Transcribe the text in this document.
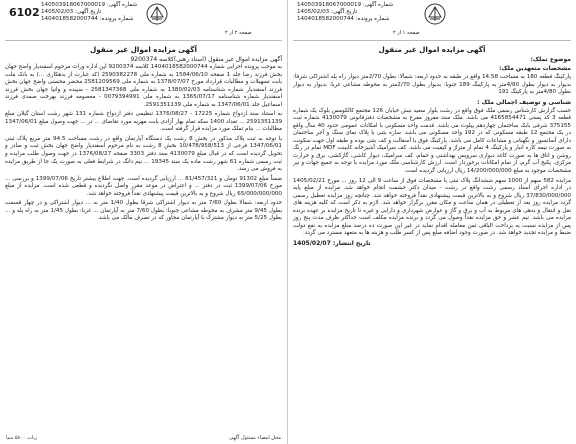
6102
شماره آگهی: 140503918067000019
تاریخ آگهی: 1405/02/03
شماره پرونده: 1404018582000744
صفحه ۲ از ۲
آگهی مزایده اموال غیر منقول

آگهی مزایده اموال غیر منقول (اسناد رهنی)کلاسه 9200374

به موجب پرونده اجرایی شماره 1404018582000744 کلاسه 9200374 این اداره وراث مرحوم اسفندیار واضح جهان بخش فرزند رضا جلد 1 صفحه 1584/06/10 به شماره ملی 2590382278 (کد عبارت از بدهکاری ...) به بانک ملت بابت تسهیلات و مطالبات قرارداد مورخ 1378/07/07 به شماره ملی 2581209569 محضر محسنی واضح جهان بخش فرزند اسفندیار شماره شناسنامه 1380/02/03 به شماره ملی 2581347368 - سپیده و وانیا جهان بخش فرزند اسفندیار شماره شناسنامه 1365/07/17 به شماره ملی 0079394991 - معصومه فرزند بهرخت صمدی فرزند اسماعیل جلد 1347/06/01 به شماره ملی 2591351139.

به استناد سند ازدواج شماره 17225 - 1376/08/27 تنظیمی دفتر ازدواج شماره 131 شهر رشت استان گیلان مبلغ 2591351139 ... تعداد 1400 سکه تمام بهار آزادی بابت مهریه مورد تقاضای ... در ... جهت وصول مبلغ 1347/06/01 مطالبات ... بنام تملک مورد مزایده قرار گرفته است.

با توجه به ثبت پلاک مذکور در بخش 8 رشت یک دستگاه آپارتمان واقع در رشت مساحت 94.5 متر مربع پلاک ثبتی 1347/06/01 فرعی از 10/478/958/513 بخش 8 رشت به نام مرحوم اسفندیار واضح جهان بخش ثبت و صادر و تحویل گردیده است که در قبال مبلغ 4130079 سند دفتر 3303 صفحه 1376/08/27 در جهت وصول طلب مزایده و ثبت رسمی شماره 61 شهر رشت ماده یک سند 19345 ... نیم دانگ در شرایط فعلی به صورت یک جا از طریق مزایده به فروش می رسد.

ضمناً مبلغ 91302 تومان و 81/457/321 ... ارزیابی گردیده است. جهت اطلاع بیشتر تاریخ 1399/07/06 و بررسی ... مورخ 1399/07/06 ثبت در دفتر ... و اعتراض در موعد مقرر واصل نگردیده و قطعی شده است. مزایده از مبلغ 65/000/000/000 ریال شروع و به بالاترین قیمت پیشنهادی نقداً فروخته خواهد شد.

حدود اربعه: شمالا بطول 7/60 متر به دیوار اشتراکی شرقا بطول 1/40 متر به ... دیوار اشتراکی و در چهار قسمت بطول 9/45 متر مشرف به محوطه مشاعی جنوبا: بطول 7/60 متر به آپارتمان ... غربا: بطول 1/45 متر به راه پله و ... بطول 5/25 متر به دیوار مشترک با آپارتمان مجاور که در تصرف مالک می باشد.

محل امضاء مسئول آگهی
ربات ۵۸۰۰ منیا
شماره آگهی: 140503918067000019
تاریخ آگهی: 1405/02/03
شماره پرونده: 1404018582000744
صفحه ۱ از ۲
آگهی مزایده اموال غیر منقول
موضوع تملک:
مشخصات متعهدین ملک:

پارکینگ قطعه 180 به مساحت 14.58 واقع در طبقه به حدود اربعه: شمالا: بطول 2/70متر دیوار راه پله اشتراکی شرقا: بدیوار به دیوار بطول 4/80متر به پارکینگ 189 جنوبا: بدیوار بطول 2/70متر به محوطه مشاعی غربا: بدیوار به دیوار بطول 4/80متر به پارکینگ 191

شناسی و توصیف اجمالی ملک :

حسب گزارش کارشناس رسمی ملک فوق واقع در رشت بلوار سعید نبش خیابان 126 مجتمع کالکومس بلوک یک شماره قطعه 3 کد پستی 4165854471 می باشد. ملک سند مفروز مفرغ به مشخصات دفترقانونی 4130079 شماره ثبت 375155 شرقی بابک ساختمان چهاردهم پیلوت می باشد. قدمت واحد مسکونی با امکانات عمومی حدود 40 سال واقع در یک مجتمع 12 طبقه مسکونی که در 192 واحد مسکونی می باشد. سازه بتنی با پلاک نمای سنگ و آجر ساختمان دارای آسانسور و نگهبانی و مشاعات کامل می باشد. پارکینگ فوق با آسفالت و کف بتنی بوده و طبقه اول جهت سکونت به صورت نیمه کاره انبار و پارکینگ 4 تمام از متراژ و کیفیت می باشد. کف سرامیک آشپزخانه کابینت MDF تمام در رنگ روشن و اتاق ها به صورت کاغذ دیواری سرویس بهداشتی و حمام، کف سرامیک، دیوار کاشی، گازکشی، برق و حرارت مرکزی، پکیج آب گرم، از تمام امکانات برخوردار است. ارزش کارشناسی ملک مورد مزایده با توجه به جمیع جهات و نیز مشخصات موجود به مبلغ 14/200/000/000 ریال ارزیابی گردیده است.

مزایده 582 سهم از 1000 سهم ششدانگ پلاک ثبتی با مشخصات فوق از ساعت 9 الی 12 روز ... مورخ 1405/02/21 در اداره اجرای اسناد رسمی رشت واقع در رشت - میدان دکتر حشمت انجام خواهد شد. مزایده از مبلغ پایه 37/830/000/000 ریال شروع و به بالاترین قیمت پیشنهادی نقداً فروخته خواهد شد. چنانچه روز مزایده تعطیل رسمی گردد مزایده روز بعد از تعطیلی در همان ساعت و مکان مقرر برگزار خواهد شد. لازم به ذکر است که کلیه هزینه های نقل و انتقال و بدهی های مربوط به آب و برق و گاز و عوارض شهرداری و دارایی و غیره تا تاریخ مزایده بر عهده برنده مزایده می باشد. نیم عشر و حق مزایده نقداً وصول می گردد و برنده مزایده مکلف است حداکثر ظرف مدت پنج روز پس از مزایده نسبت به پرداخت الباقی ثمن معامله اقدام نماید در غیر این صورت ده درصد مبلغ مزایده به نفع دولت ضبط و مزایده تجدید خواهد شد. در صورت وجود اضافه مبلغ پس از کسر طلب و هزینه ها به متعهد مسترد می گردد.

تاریخ انتشار: 1405/02/07
